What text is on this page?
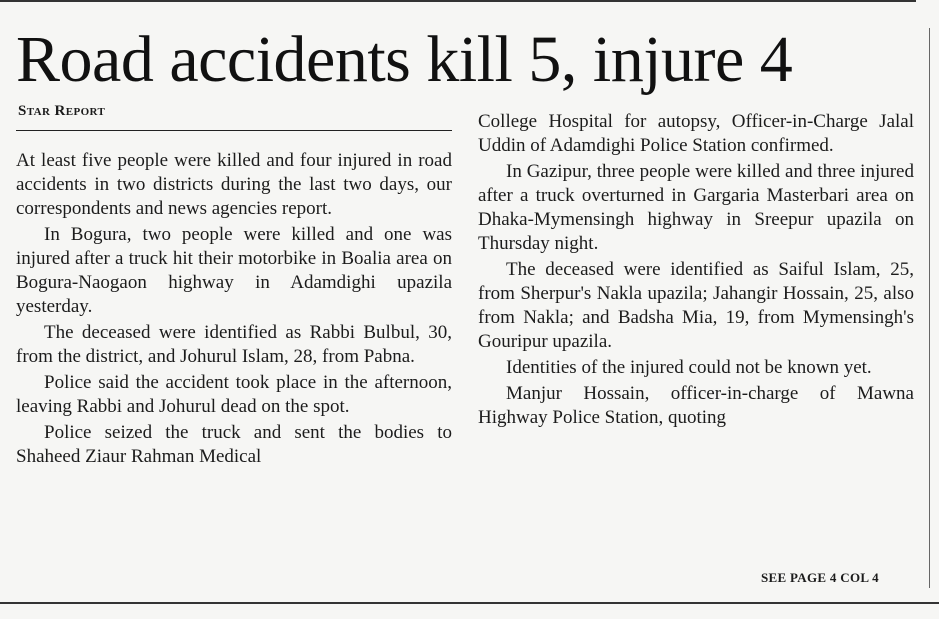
Road accidents kill 5, injure 4
Star Report

At least five people were killed and four injured in road accidents in two districts during the last two days, our correspondents and news agencies report.

In Bogura, two people were killed and one was injured after a truck hit their motorbike in Boalia area on Bogura-Naogaon highway in Adamdighi upazila yesterday.

The deceased were identified as Rabbi Bulbul, 30, from the district, and Johurul Islam, 28, from Pabna.

Police said the accident took place in the afternoon, leaving Rabbi and Johurul dead on the spot.

Police seized the truck and sent the bodies to Shaheed Ziaur Rahman Medical

College Hospital for autopsy, Officer-in-Charge Jalal Uddin of Adamdighi Police Station confirmed.

In Gazipur, three people were killed and three injured after a truck overturned in Gargaria Masterbari area on Dhaka-Mymensingh highway in Sreepur upazila on Thursday night.

The deceased were identified as Saiful Islam, 25, from Sherpur's Nakla upazila; Jahangir Hossain, 25, also from Nakla; and Badsha Mia, 19, from Mymensingh's Gouripur upazila.

Identities of the injured could not be known yet.

Manjur Hossain, officer-in-charge of Mawna Highway Police Station, quoting

SEE PAGE 4 COL 4
